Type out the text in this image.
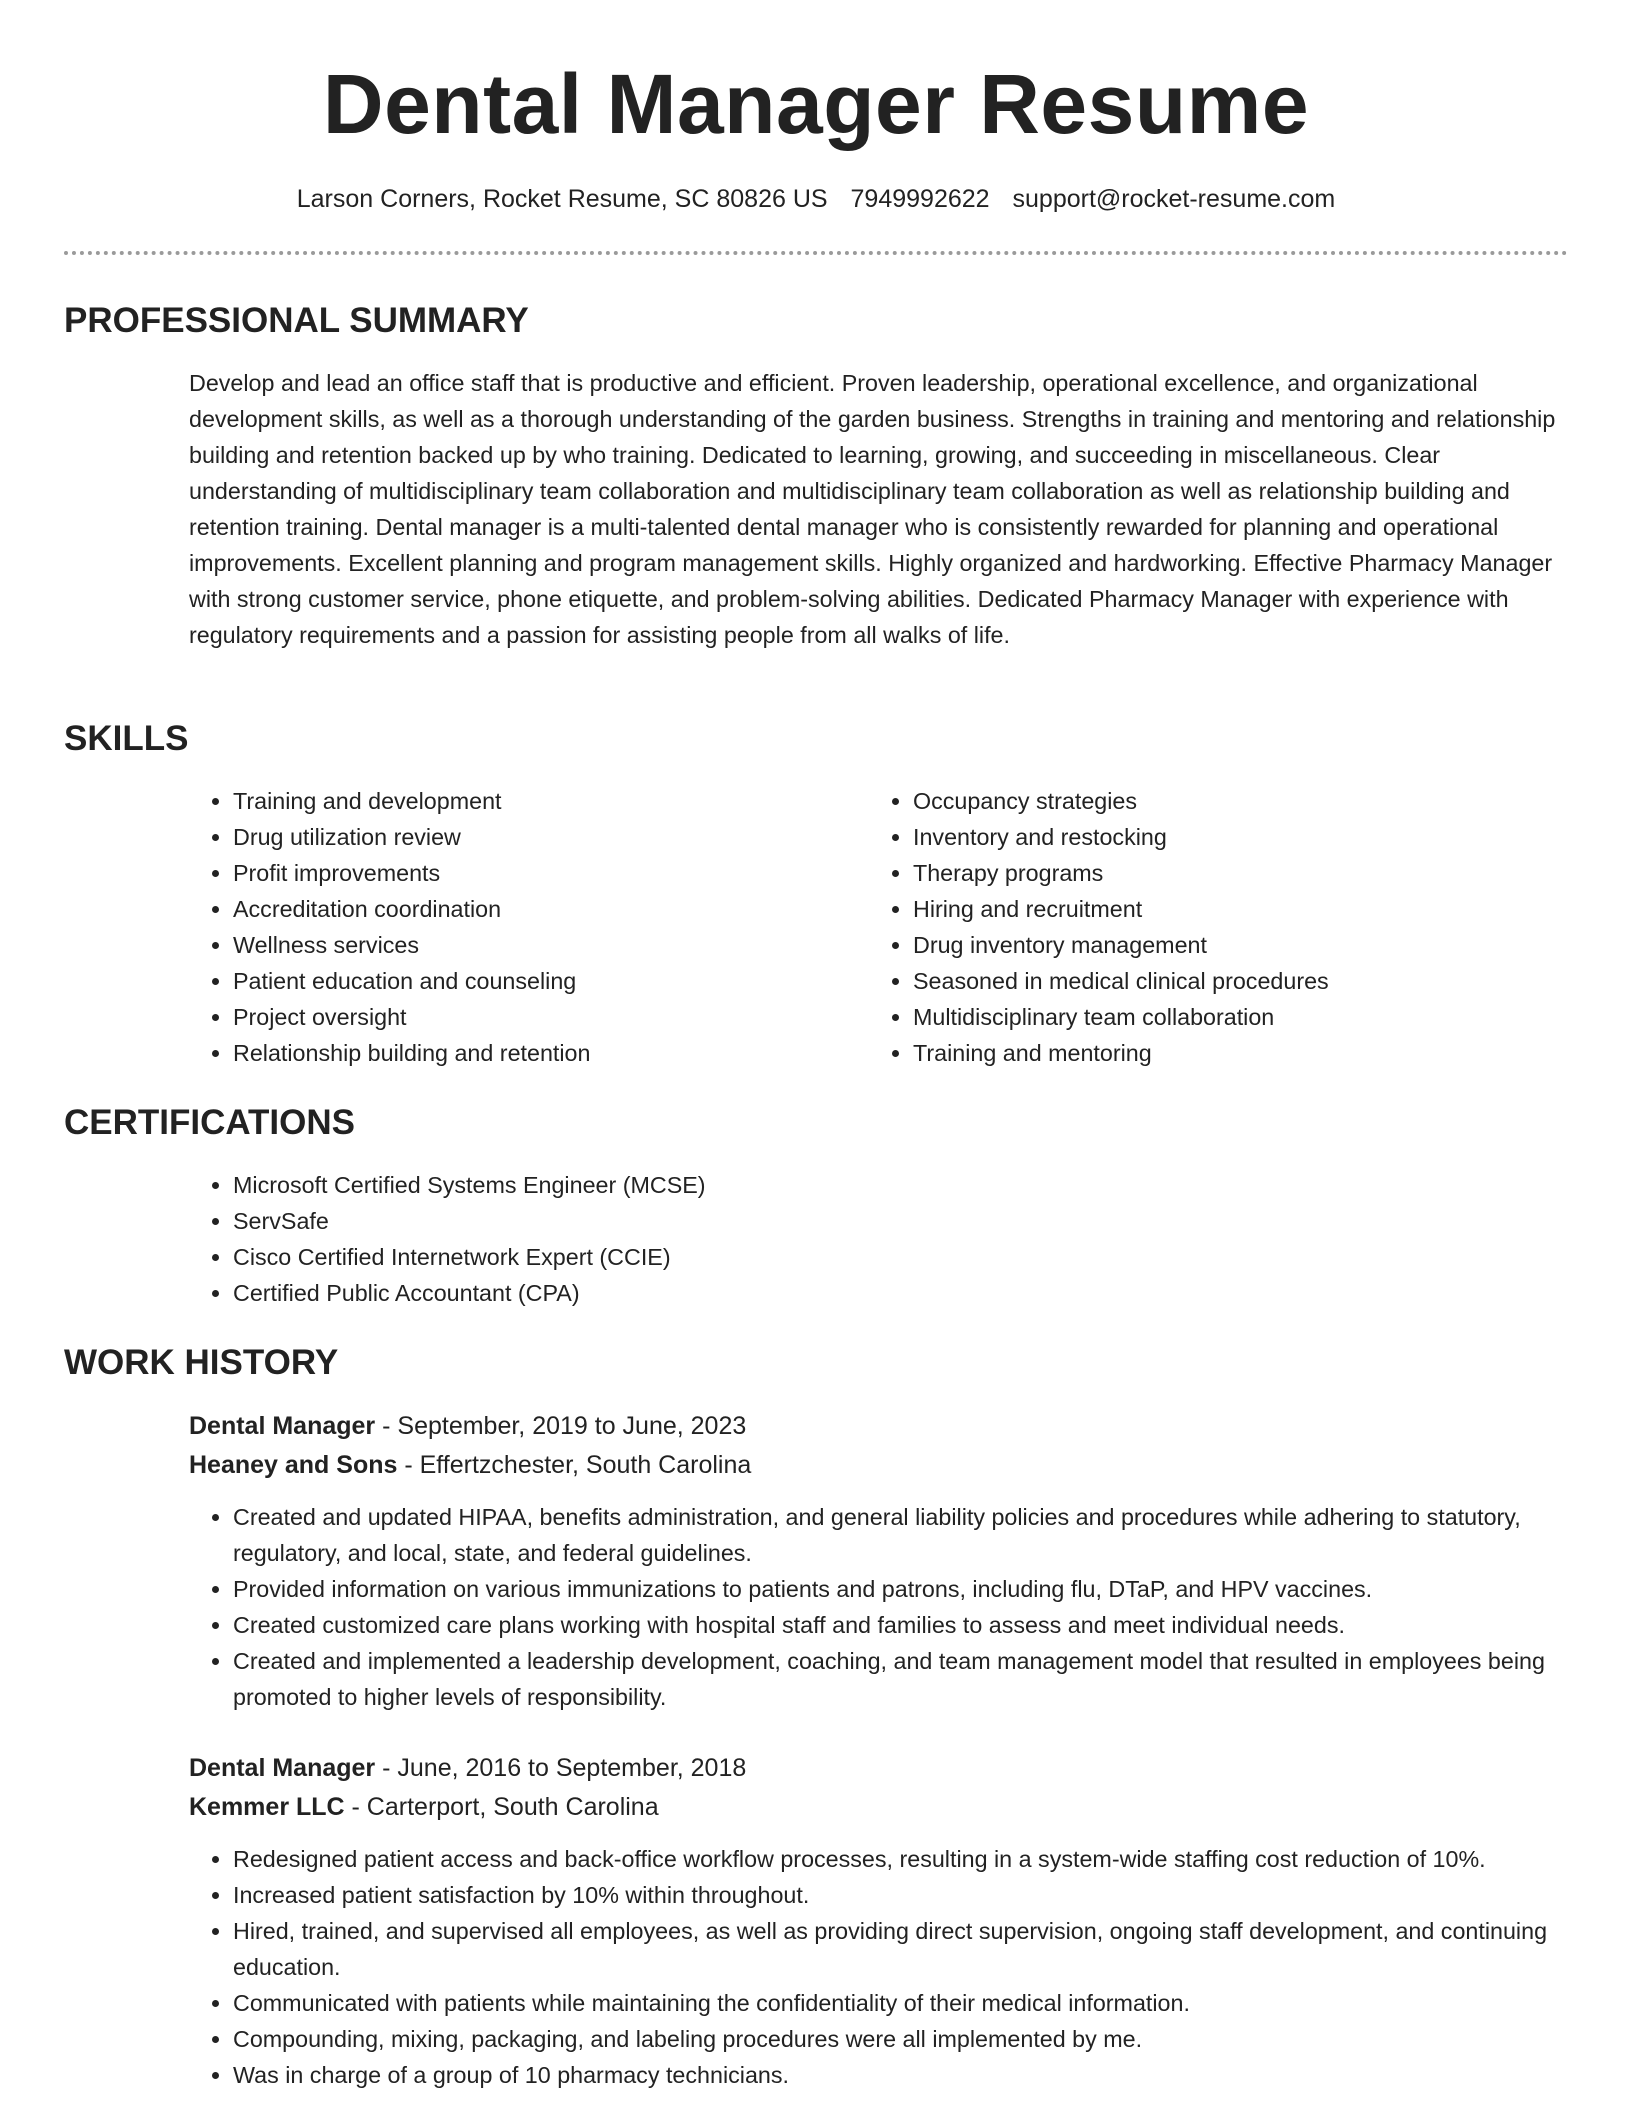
Dental Manager Resume
Larson Corners, Rocket Resume, SC 80826 US 7949992622 support@rocket-resume.com
PROFESSIONAL SUMMARY

Develop and lead an office staff that is productive and efficient. Proven leadership, operational excellence, and organizational development skills, as well as a thorough understanding of the garden business. Strengths in training and mentoring and relationship building and retention backed up by who training. Dedicated to learning, growing, and succeeding in miscellaneous. Clear understanding of multidisciplinary team collaboration and multidisciplinary team collaboration as well as relationship building and retention training. Dental manager is a multi-talented dental manager who is consistently rewarded for planning and operational improvements. Excellent planning and program management skills. Highly organized and hardworking. Effective Pharmacy Manager with strong customer service, phone etiquette, and problem-solving abilities. Dedicated Pharmacy Manager with experience with regulatory requirements and a passion for assisting people from all walks of life.

SKILLS
• Training and development
• Drug utilization review
• Profit improvements
• Accreditation coordination
• Wellness services
• Patient education and counseling
• Project oversight
• Relationship building and retention
• Occupancy strategies
• Inventory and restocking
• Therapy programs
• Hiring and recruitment
• Drug inventory management
• Seasoned in medical clinical procedures
• Multidisciplinary team collaboration
• Training and mentoring
CERTIFICATIONS
• Microsoft Certified Systems Engineer (MCSE)
• ServSafe
• Cisco Certified Internetwork Expert (CCIE)
• Certified Public Accountant (CPA)
WORK HISTORY
Dental Manager - September, 2019 to June, 2023
Heaney and Sons - Effertzchester, South Carolina
• Created and updated HIPAA, benefits administration, and general liability policies and procedures while adhering to statutory, regulatory, and local, state, and federal guidelines.
• Provided information on various immunizations to patients and patrons, including flu, DTaP, and HPV vaccines.
• Created customized care plans working with hospital staff and families to assess and meet individual needs.
• Created and implemented a leadership development, coaching, and team management model that resulted in employees being promoted to higher levels of responsibility.
Dental Manager - June, 2016 to September, 2018
Kemmer LLC - Carterport, South Carolina
• Redesigned patient access and back-office workflow processes, resulting in a system-wide staffing cost reduction of 10%.
• Increased patient satisfaction by 10% within throughout.
• Hired, trained, and supervised all employees, as well as providing direct supervision, ongoing staff development, and continuing education.
• Communicated with patients while maintaining the confidentiality of their medical information.
• Compounding, mixing, packaging, and labeling procedures were all implemented by me.
• Was in charge of a group of 10 pharmacy technicians.
